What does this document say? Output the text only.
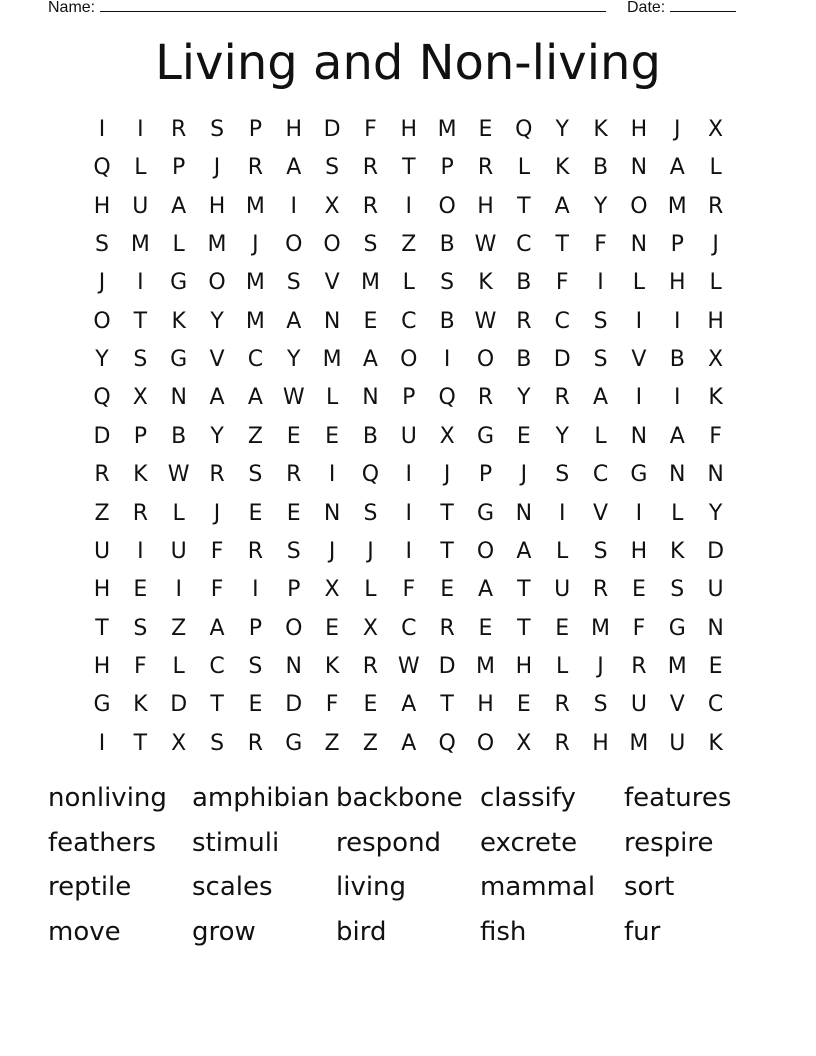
Name:	Date:
Living and Non-living
I	I	R	S	P	H D	F	H M E	Q	Y	K	H	J	X
Q	L	P	J	R	A	S	R	T	P	R	L	K	B	N	A	L
H	U	A	H M	I	X	R	I	O H	T	A	Y	O M R
S M	L	M	J	O O	S	Z	B W C	T	F	N	P	J
J	I	G O M S	V M	L	S	K	B	F	I	L	H	L
O	T	K	Y	M A	N	E	C	B W R	C	S	I	I	H
Y	S	G	V	C	Y	M A	O	I	O	B	D	S	V	B	X
Q	X	N	A	A W L	N	P	Q	R	Y	R	A	I	I	K
D	P	B	Y	Z	E	E	B	U	X	G	E	Y	L	N	A	F
R	K W R	S	R	I	Q	I	J	P	J	S	C	G N N
Z	R	L	J	E	E	N	S	I	T	G N	I	V	I	L	Y
U	I	U	F	R	S	J	J	I	T	O	A	L	S	H	K	D
H	E	I	F	I	P	X	L	F	E	A	T	U	R	E	S	U
T	S	Z	A	P	O	E	X	C	R	E	T	E M	F	G N
H	F	L	C	S	N	K	R W D M H	L	J	R M E
G	K	D	T	E	D	F	E	A	T	H	E	R	S	U	V	C
I	T	X	S	R	G	Z	Z	A	Q O	X	R	H M U	K
nonliving amphibian backbone classify features
feathers stimuli respond excrete respire
reptile scales living	mammal sort
move	grow	bird	fish	fur
